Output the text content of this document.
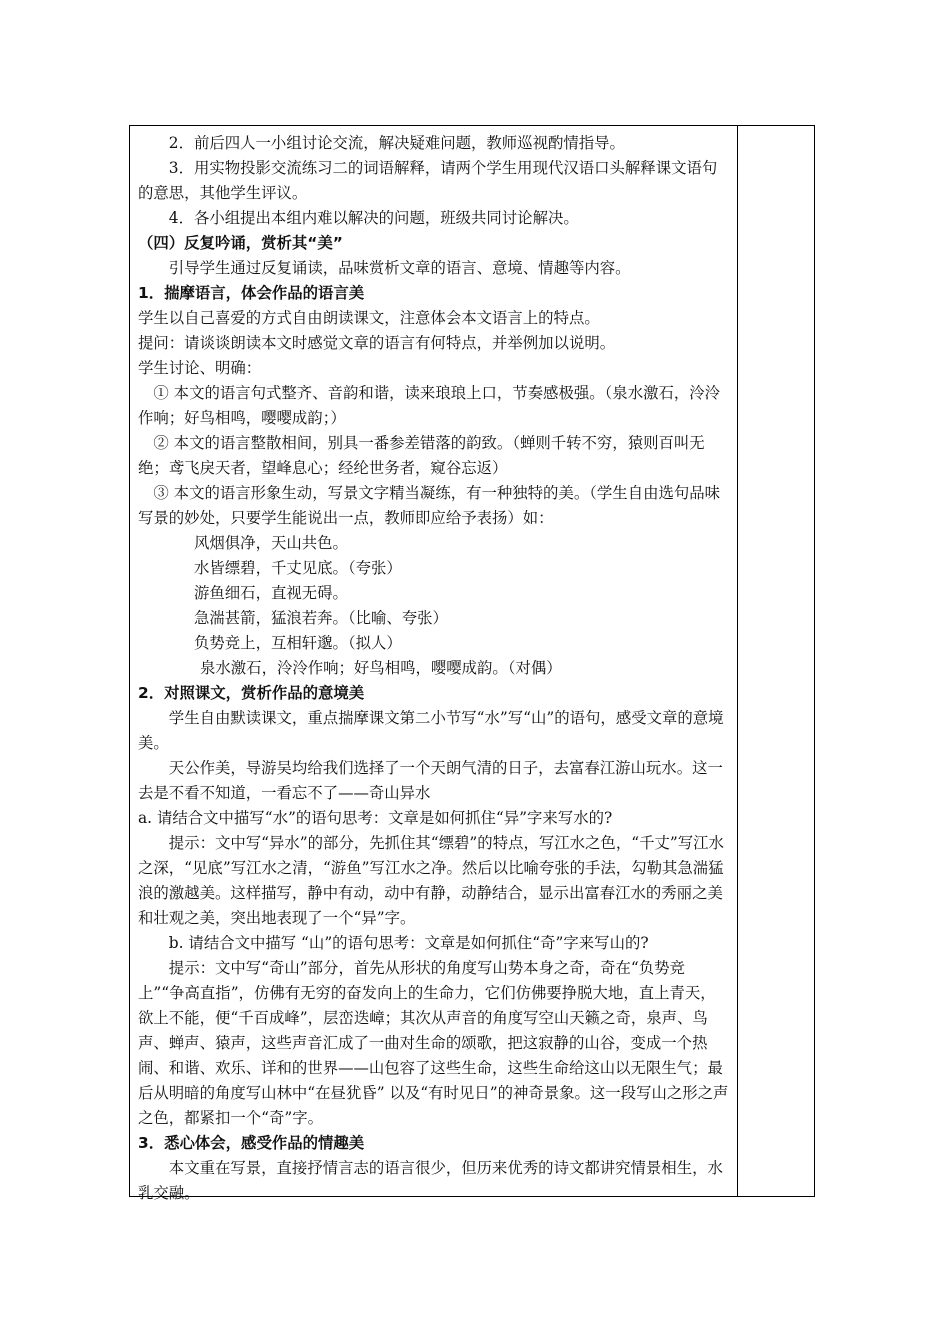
2．前后四人一小组讨论交流，解决疑难问题，教师巡视酌情指导。

3．用实物投影交流练习二的词语解释，请两个学生用现代汉语口头解释课文语句的意思，其他学生评议。

4．各小组提出本组内难以解决的问题，班级共同讨论解决。

（四）反复吟诵，赏析其“美”

引导学生通过反复诵读，品味赏析文章的语言、意境、情趣等内容。

1．揣摩语言，体会作品的语言美

学生以自己喜爱的方式自由朗读课文，注意体会本文语言上的特点。

提问：请谈谈朗读本文时感觉文章的语言有何特点，并举例加以说明。

学生讨论、明确：

① 本文的语言句式整齐、音韵和谐，读来琅琅上口，节奏感极强。（泉水激石，泠泠作响；好鸟相鸣，嘤嘤成韵；）

② 本文的语言整散相间，别具一番参差错落的韵致。（蝉则千转不穷，猿则百叫无绝；鸢飞戾天者，望峰息心；经纶世务者，窥谷忘返）

③ 本文的语言形象生动，写景文字精当凝练，有一种独特的美。（学生自由选句品味写景的妙处，只要学生能说出一点，教师即应给予表扬）如：

风烟俱净，天山共色。

水皆缥碧，千丈见底。（夸张）

游鱼细石，直视无碍。

急湍甚箭，猛浪若奔。（比喻、夸张）

负势竞上，互相轩邈。（拟人）

泉水激石，泠泠作响；好鸟相鸣，嘤嘤成韵。（对偶）

2．对照课文，赏析作品的意境美

学生自由默读课文，重点揣摩课文第二小节写“水”写“山”的语句，感受文章的意境美。

天公作美，导游吴均给我们选择了一个天朗气清的日子，去富春江游山玩水。这一去是不看不知道，一看忘不了——奇山异水

a. 请结合文中描写“水”的语句思考：文章是如何抓住“异”字来写水的?

提示：文中写“异水”的部分，先抓住其“缥碧”的特点，写江水之色，“千丈”写江水之深，“见底”写江水之清，“游鱼”写江水之净。然后以比喻夸张的手法，勾勒其急湍猛浪的激越美。这样描写，静中有动，动中有静，动静结合，显示出富春江水的秀丽之美和壮观之美，突出地表现了一个“异”字。

b. 请结合文中描写 “山”的语句思考：文章是如何抓住“奇”字来写山的?

提示：文中写“奇山”部分，首先从形状的角度写山势本身之奇，奇在“负势竞上”“争高直指”，仿佛有无穷的奋发向上的生命力，它们仿佛要挣脱大地，直上青天，欲上不能，便“千百成峰”，层峦迭嶂；其次从声音的角度写空山天籁之奇，泉声、鸟声、蝉声、猿声，这些声音汇成了一曲对生命的颂歌，把这寂静的山谷，变成一个热闹、和谐、欢乐、详和的世界——山包容了这些生命，这些生命给这山以无限生气；最后从明暗的角度写山林中“在昼犹昏” 以及“有时见日”的神奇景象。这一段写山之形之声之色，都紧扣一个“奇”字。

3．悉心体会，感受作品的情趣美

本文重在写景，直接抒情言志的语言很少，但历来优秀的诗文都讲究情景相生，水乳交融。
